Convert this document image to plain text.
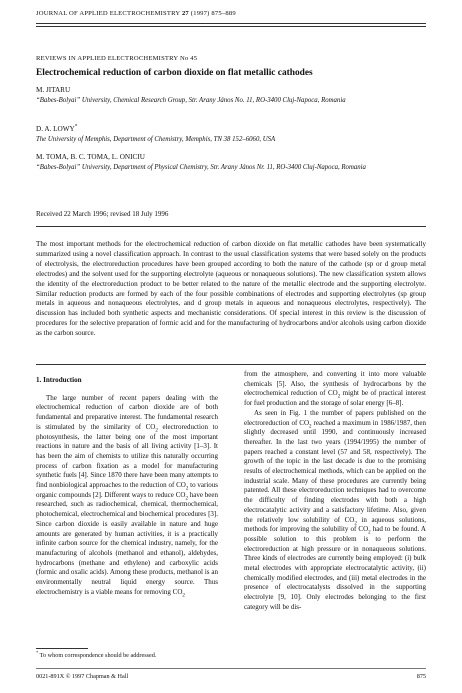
JOURNAL OF APPLIED ELECTROCHEMISTRY 27 (1997) 875–889
REVIEWS IN APPLIED ELECTROCHEMISTRY No 45
Electrochemical reduction of carbon dioxide on flat metallic cathodes
M. JITARU
“Babes-Bolyai” University, Chemical Research Group, Str. Arany János No. 11, RO-3400 Cluj-Napoca, Romania
D. A. LOWY*
The University of Memphis, Department of Chemistry, Memphis, TN 38 152–6060, USA
M. TOMA, B. C. TOMA, L. ONICIU
“Babes-Bolyai” University, Department of Physical Chemistry, Str. Arany János Nr. 11, RO-3400 Cluj-Napoca, Romania
Received 22 March 1996; revised 18 July 1996
The most important methods for the electrochemical reduction of carbon dioxide on flat metallic cathodes have been systematically summarized using a novel classification approach. In contrast to the usual classification systems that were based solely on the products of electrolysis, the electroreduction procedures have been grouped according to both the nature of the cathode (sp or d group metal electrodes) and the solvent used for the supporting electrolyte (aqueous or nonaqueous solutions). The new classification system allows the identity of the electroreduction product to be better related to the nature of the metallic electrode and the supporting electrolyte. Similar reduction products are formed by each of the four possible combinations of electrodes and supporting electrolytes (sp group metals in aqueous and nonaqueous electrolytes, and d group metals in aqueous and nonaqueous electrolytes, respectively). The discussion has included both synthetic aspects and mechanistic considerations. Of special interest in this review is the discussion of procedures for the selective preparation of formic acid and for the manufacturing of hydrocarbons and/or alcohols using carbon dioxide as the carbon source.

1. Introduction

The large number of recent papers dealing with the electrochemical reduction of carbon dioxide are of both fundamental and preparative interest. The fundamental research is stimulated by the similarity of $CO_2$ electroreduction to photosynthesis, the latter being one of the most important reactions in nature and the basis of all living activity [1–3]. It has been the aim of chemists to utilize this naturally occurring process of carbon fixation as a model for manufacturing synthetic fuels [4]. Since 1870 there have been many attempts to find nonbiological approaches to the reduction of $CO_2$ to various organic compounds [2]. Different ways to reduce $CO_2$ have been researched, such as radiochemical, chemical, thermochemical, photochemical, electrochemical and biochemical procedures [3]. Since carbon dioxide is easily available in nature and huge amounts are generated by human activities, it is a practically infinite carbon source for the chemical industry, namely, for the manufacturing of alcohols (methanol and ethanol), aldehydes, hydrocarbons (methane and ethylene) and carboxylic acids (formic and oxalic acids). Among these products, methanol is an environmentally neutral liquid energy source. Thus electrochemistry is a viable means for removing $CO_2$

from the atmosphere, and converting it into more valuable chemicals [5]. Also, the synthesis of hydrocarbons by the electrochemical reduction of $CO_2$ might be of practical interest for fuel production and the storage of solar energy [6–8].

As seen in Fig. 1 the number of papers published on the electroreduction of $CO_2$ reached a maximum in 1986/1987, then slightly decreased until 1990, and continuously increased thereafter. In the last two years (1994/1995) the number of papers reached a constant level (57 and 58, respectively). The growth of the topic in the last decade is due to the promising results of electrochemical methods, which can be applied on the industrial scale. Many of these procedures are currently being patented. All these electroreduction techniques had to overcome the difficulty of finding electrodes with both a high electrocatalytic activity and a satisfactory lifetime. Also, given the relatively low solubility of $CO_2$ in aqueous solutions, methods for improving the solubility of $CO_2$ had to be found. A possible solution to this problem is to perform the electroreduction at high pressure or in nonaqueous solutions. Three kinds of electrodes are currently being employed: (i) bulk metal electrodes with appropriate electrocatalytic activity, (ii) chemically modified electrodes, and (iii) metal electrodes in the presence of electrocatalysts dissolved in the supporting electrolyte [9, 10]. Only electrodes belonging to the first category will be dis-

* To whom correspondence should be addressed.
0021-891X © 1997 Chapman & Hall	875
